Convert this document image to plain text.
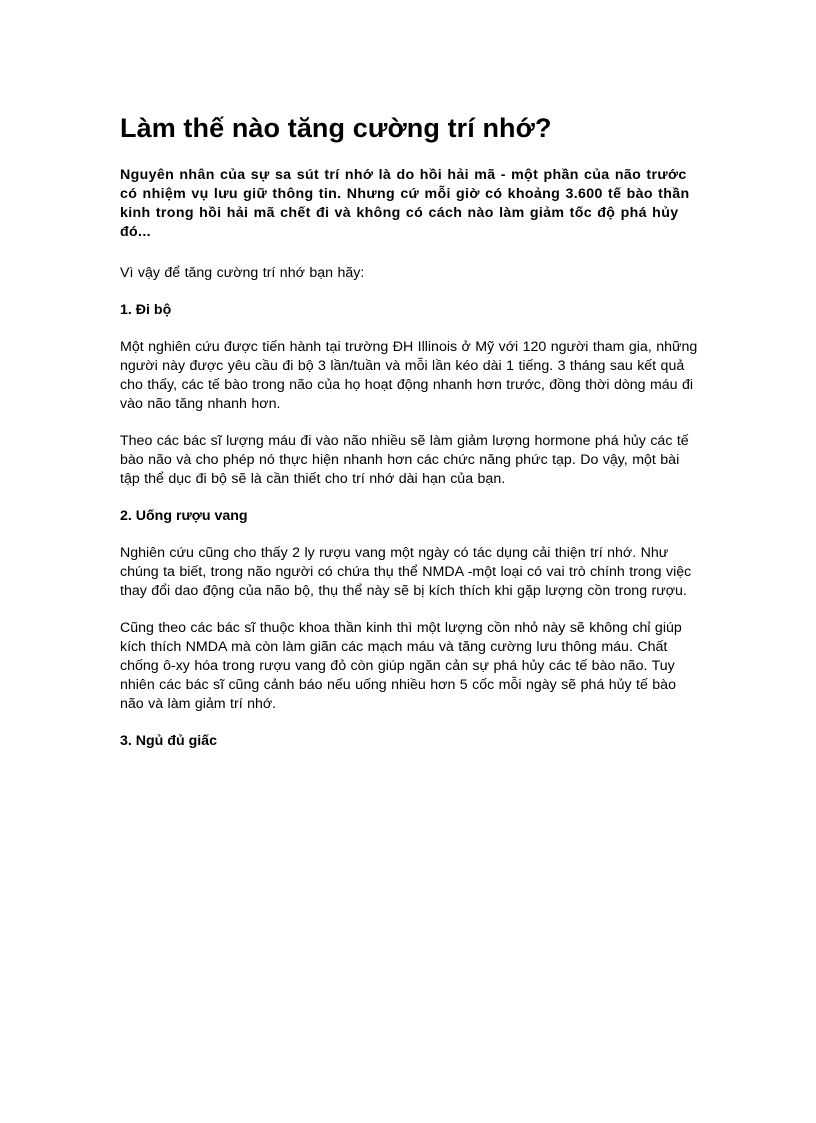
Làm thế nào tăng cường trí nhớ?

Nguyên nhân của sự sa sút trí nhớ là do hồi hải mã - một phần của não trước có nhiệm vụ lưu giữ thông tin. Nhưng cứ mỗi giờ có khoảng 3.600 tế bào thần kinh trong hồi hải mã chết đi và không có cách nào làm giảm tốc độ phá hủy đó...

Vì vậy để tăng cường trí nhớ bạn hãy:

1. Đi bộ

Một nghiên cứu được tiến hành tại trường ĐH Illinois ở Mỹ với 120 người tham gia, những người này được yêu cầu đi bộ 3 lần/tuần và mỗi lần kéo dài 1 tiếng. 3 tháng sau kết quả cho thấy, các tế bào trong não của họ hoạt động nhanh hơn trước, đồng thời dòng máu đi vào não tăng nhanh hơn.

Theo các bác sĩ lượng máu đi vào não nhiều sẽ làm giảm lượng hormone phá hủy các tế bào não và cho phép nó thực hiện nhanh hơn các chức năng phức tạp. Do vậy, một bài tập thể dục đi bộ sẽ là cần thiết cho trí nhớ dài hạn của bạn.

2. Uống rượu vang

Nghiên cứu cũng cho thấy 2 ly rượu vang một ngày có tác dụng cải thiện trí nhớ. Như chúng ta biết, trong não người có chứa thụ thể NMDA -một loại có vai trò chính trong việc thay đổi dao động của não bộ, thụ thể này sẽ bị kích thích khi gặp lượng cồn trong rượu.

Cũng theo các bác sĩ thuộc khoa thần kinh thì một lượng cồn nhỏ này sẽ không chỉ giúp kích thích NMDA mà còn làm giãn các mạch máu và tăng cường lưu thông máu. Chất chống ô-xy hóa trong rượu vang đỏ còn giúp ngăn cản sự phá hủy các tế bào não. Tuy nhiên các bác sĩ cũng cảnh báo nếu uống nhiều hơn 5 cốc mỗi ngày sẽ phá hủy tế bào não và làm giảm trí nhớ.

3. Ngủ đủ giấc
